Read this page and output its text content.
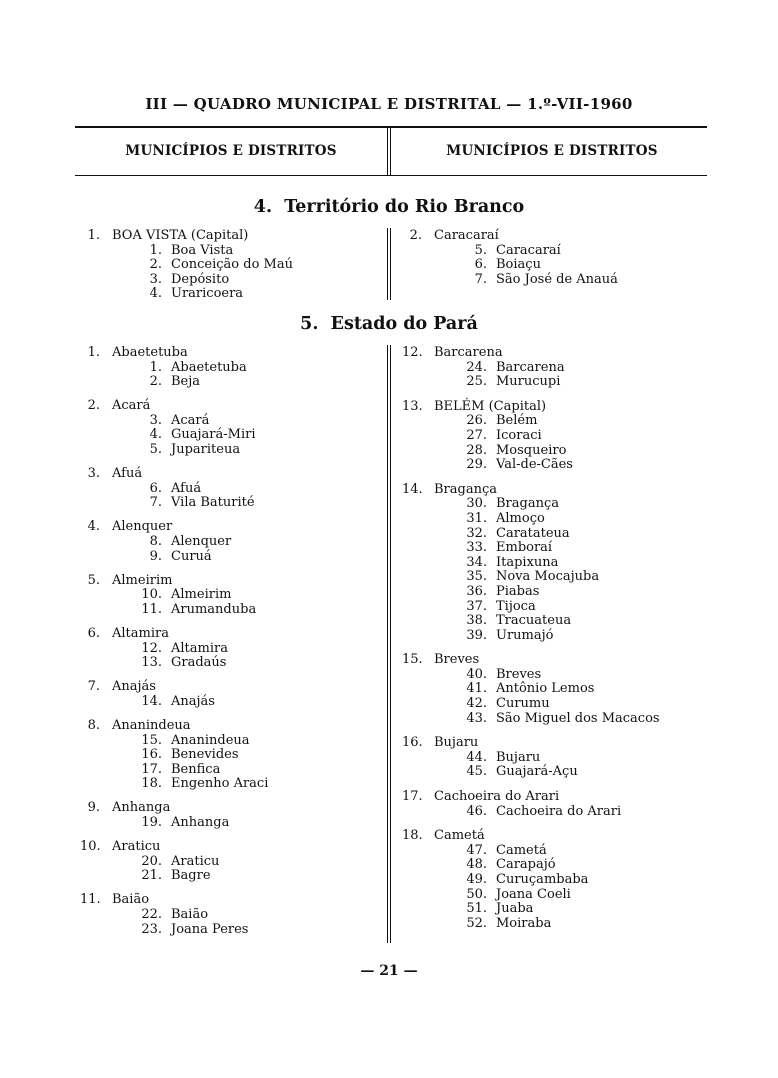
III — QUADRO MUNICIPAL E DISTRITAL — 1.º-VII-1960
MUNICÍPIOS E DISTRITOS	MUNICÍPIOS E DISTRITOS
4. Território do Rio Branco
1. BOA VISTA (Capital)
1. Boa Vista
2. Conceição do Maú
3. Depósito
4. Uraricoera
2. Caracaraí
5. Caracaraí
6. Boiaçu
7. São José de Anauá
5. Estado do Pará
1. Abaetetuba
1. Abaetetuba
2. Beja
2. Acará
3. Acará
4. Guajará-Miri
5. Jupariteua
3. Afuá
6. Afuá
7. Vila Baturité
4. Alenquer
8. Alenquer
9. Curuá
5. Almeirim
10. Almeirim
11. Arumanduba
6. Altamira
12. Altamira
13. Gradaús
7. Anajás
14. Anajás
8. Ananindeua
15. Ananindeua
16. Benevides
17. Benfica
18. Engenho Araci
9. Anhanga
19. Anhanga
10. Araticu
20. Araticu
21. Bagre
11. Baião
22. Baião
23. Joana Peres
12. Barcarena
24. Barcarena
25. Murucupi
13. BELÉM (Capital)
26. Belém
27. Icoraci
28. Mosqueiro
29. Val-de-Cães
14. Bragança
30. Bragança
31. Almoço
32. Caratateua
33. Emboraí
34. Itapixuna
35. Nova Mocajuba
36. Piabas
37. Tijoca
38. Tracuateua
39. Urumajó
15. Breves
40. Breves
41. Antônio Lemos
42. Curumu
43. São Miguel dos Macacos
16. Bujaru
44. Bujaru
45. Guajará-Açu
17. Cachoeira do Arari
46. Cachoeira do Arari
18. Cametá
47. Cametá
48. Carapajó
49. Curuçambaba
50. Joana Coeli
51. Juaba
52. Moiraba
— 21 —
